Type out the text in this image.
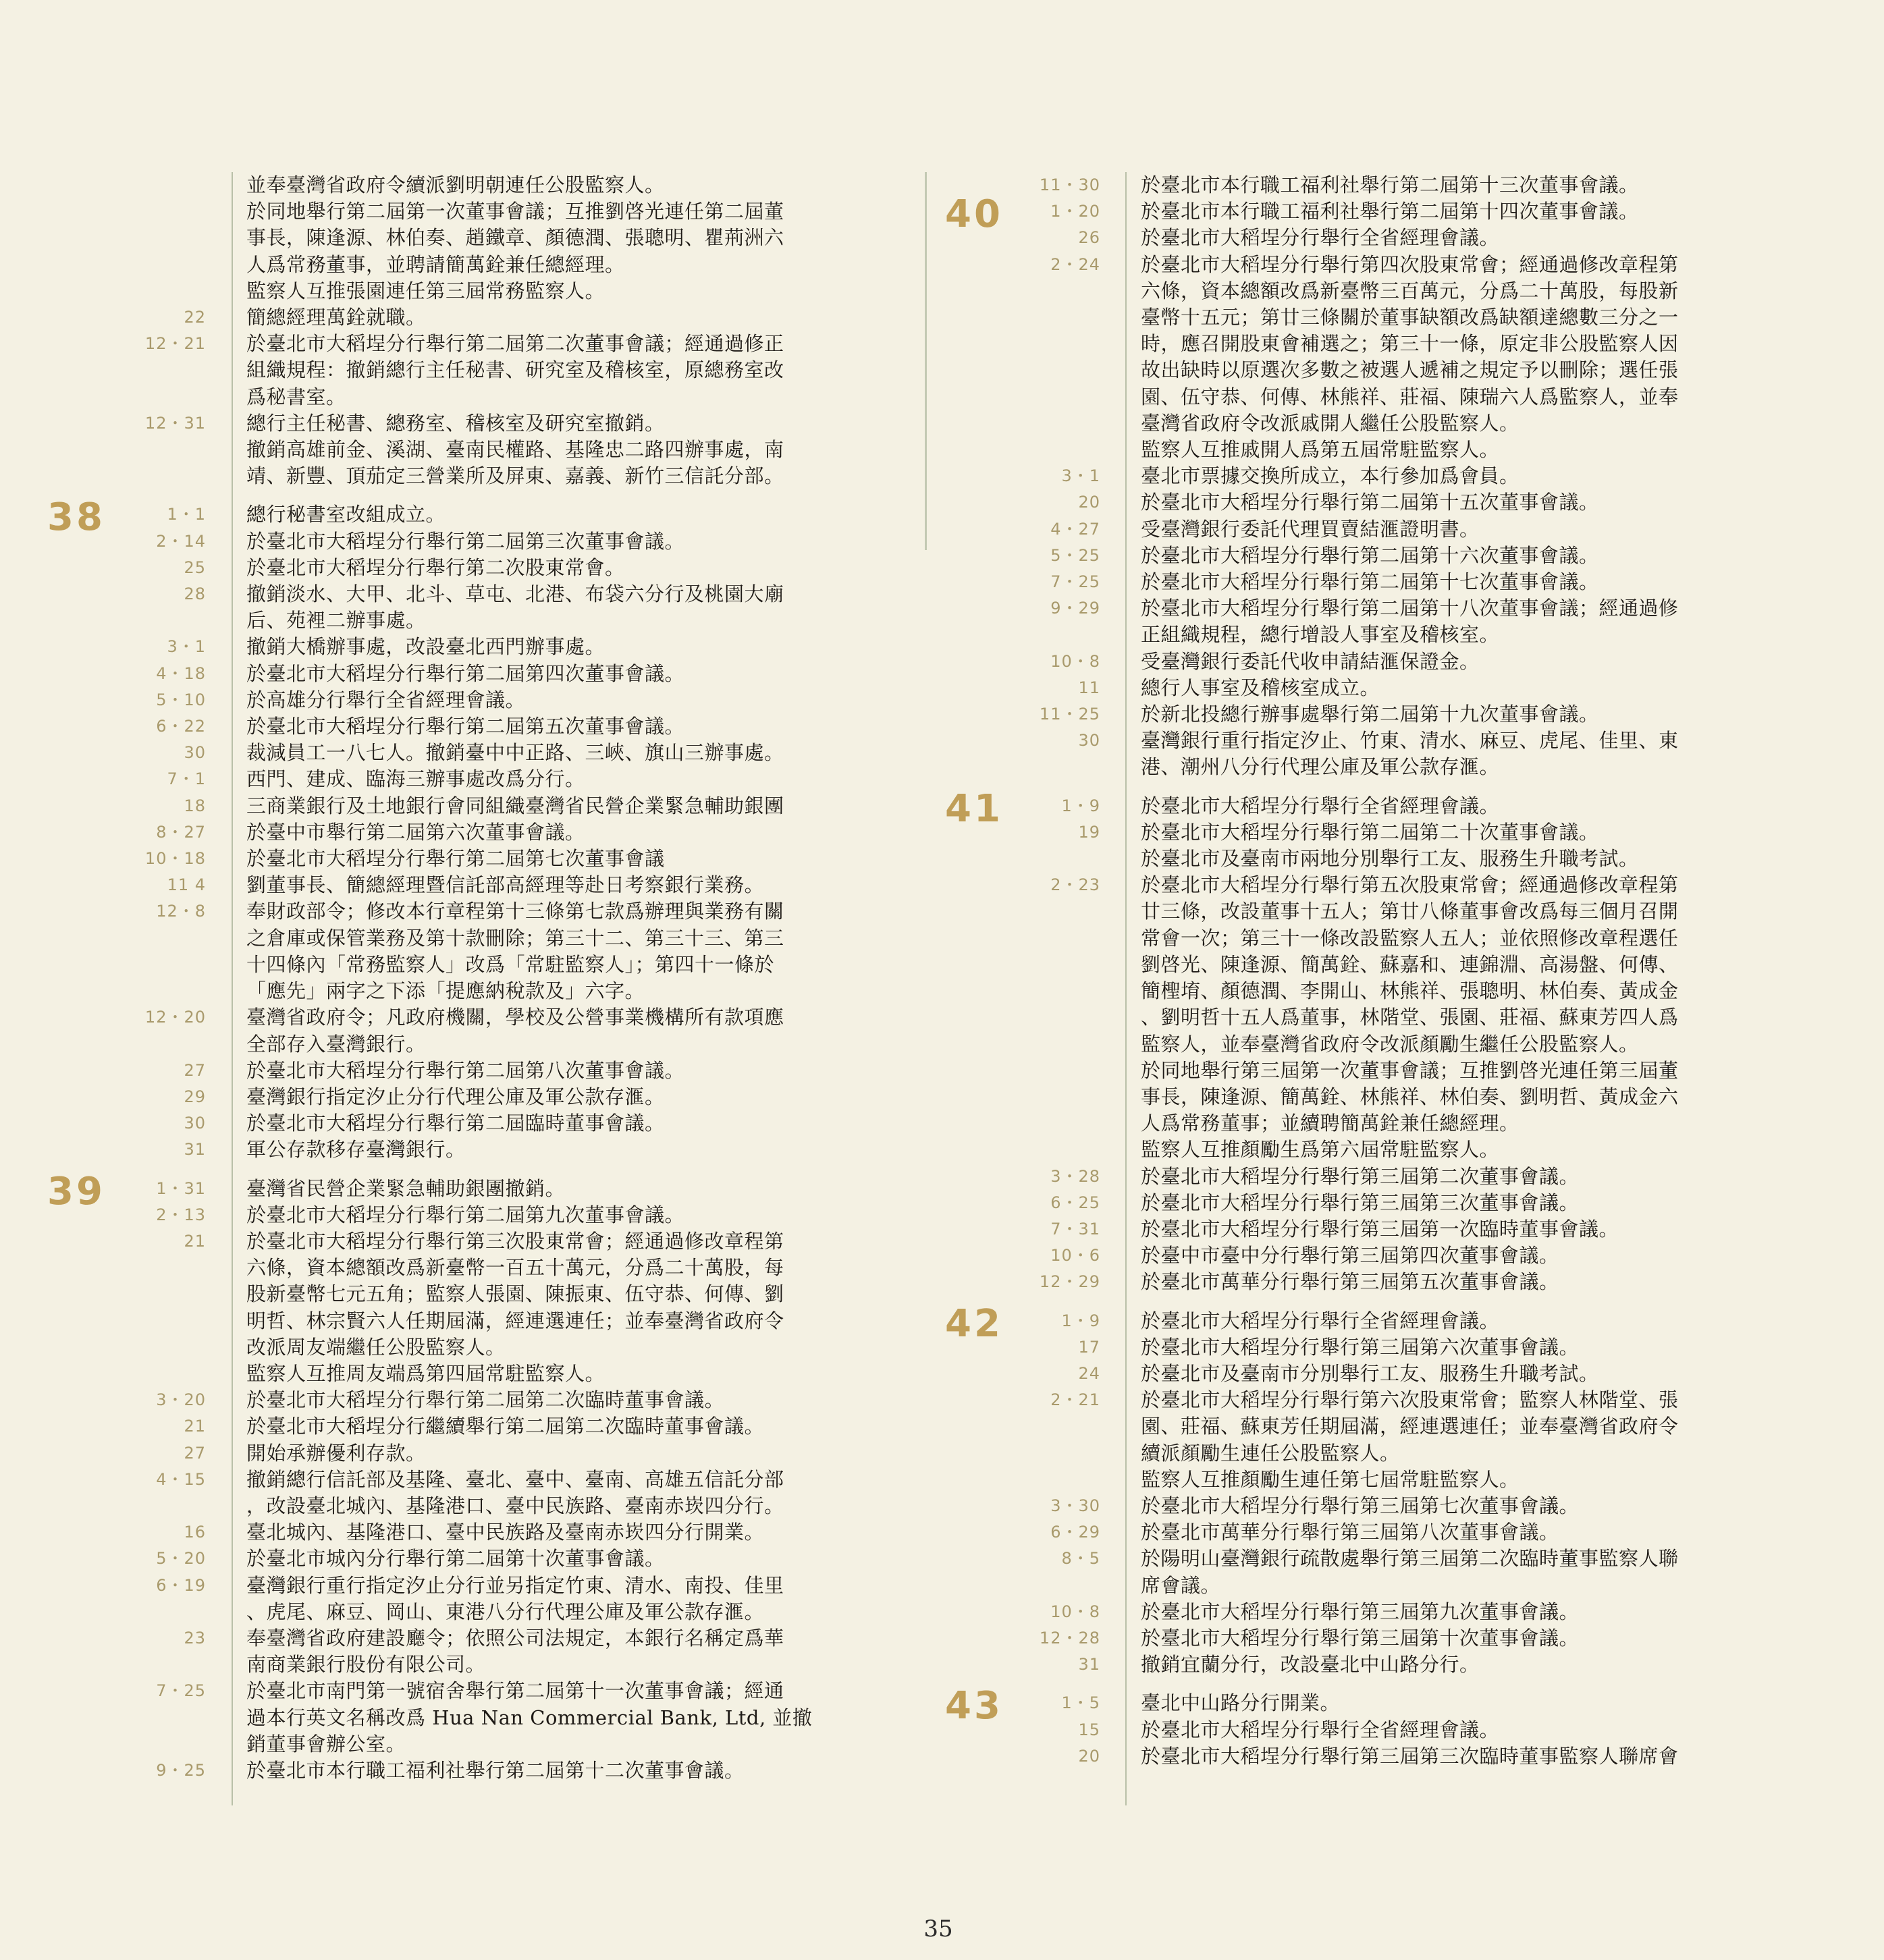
並奉臺灣省政府令續派劉明朝連任公股監察人。
於同地舉行第二屆第一次董事會議；互推劉啓光連任第二屆董
事長，陳逢源、林伯奏、趙鐵章、顏德潤、張聰明、瞿荊洲六
人爲常務董事，並聘請簡萬銓兼任總經理。
監察人互推張園連任第三屆常務監察人。
22 簡總經理萬銓就職。
12・21 於臺北市大稻埕分行舉行第二屆第二次董事會議；經通過修正
組織規程：撤銷總行主任秘書、研究室及稽核室，原總務室改
爲秘書室。
12・31 總行主任秘書、總務室、稽核室及研究室撤銷。
撤銷高雄前金、溪湖、臺南民權路、基隆忠二路四辦事處，南
靖、新豐、頂茄定三營業所及屏東、嘉義、新竹三信託分部。
38	1・1 總行秘書室改組成立。
2・14 於臺北市大稻埕分行舉行第二屆第三次董事會議。
25 於臺北市大稻埕分行舉行第二次股東常會。
28 撤銷淡水、大甲、北斗、草屯、北港、布袋六分行及桃園大廟
后、苑裡二辦事處。
3・1 撤銷大橋辦事處，改設臺北西門辦事處。
4・18 於臺北市大稻埕分行舉行第二屆第四次董事會議。
5・10 於高雄分行舉行全省經理會議。
6・22 於臺北市大稻埕分行舉行第二屆第五次董事會議。
30 裁減員工一八七人。撤銷臺中中正路、三峽、旗山三辦事處。
7・1 西門、建成、臨海三辦事處改爲分行。
18 三商業銀行及土地銀行會同組織臺灣省民營企業緊急輔助銀團
8・27 於臺中市舉行第二屆第六次董事會議。
10・18 於臺北市大稻埕分行舉行第二屆第七次董事會議
11 4 劉董事長、簡總經理暨信託部高經理等赴日考察銀行業務。
12・8 奉財政部令；修改本行章程第十三條第七款爲辦理與業務有關
之倉庫或保管業務及第十款刪除；第三十二、第三十三、第三
十四條內「常務監察人」改爲「常駐監察人」；第四十一條於
「應先」兩字之下添「提應納稅款及」六字。
12・20 臺灣省政府令；凡政府機關，學校及公營事業機構所有款項應
全部存入臺灣銀行。
27 於臺北市大稻埕分行舉行第二屆第八次董事會議。
29 臺灣銀行指定汐止分行代理公庫及軍公款存滙。
30 於臺北市大稻埕分行舉行第二屆臨時董事會議。
31 軍公存款移存臺灣銀行。
39	1・31 臺灣省民營企業緊急輔助銀團撤銷。
2・13 於臺北市大稻埕分行舉行第二屆第九次董事會議。
21 於臺北市大稻埕分行舉行第三次股東常會；經通過修改章程第
六條，資本總額改爲新臺幣一百五十萬元，分爲二十萬股，每
股新臺幣七元五角；監察人張園、陳振東、伍守恭、何傳、劉
明哲、林宗賢六人任期屆滿，經連選連任；並奉臺灣省政府令
改派周友端繼任公股監察人。
監察人互推周友端爲第四屆常駐監察人。
3・20 於臺北市大稻埕分行舉行第二屆第二次臨時董事會議。
21 於臺北市大稻埕分行繼續舉行第二屆第二次臨時董事會議。
27 開始承辦優利存款。
4・15 撤銷總行信託部及基隆、臺北、臺中、臺南、高雄五信託分部
，改設臺北城內、基隆港口、臺中民族路、臺南赤崁四分行。
16 臺北城內、基隆港口、臺中民族路及臺南赤崁四分行開業。
5・20 於臺北市城內分行舉行第二屆第十次董事會議。
6・19 臺灣銀行重行指定汐止分行並另指定竹東、清水、南投、佳里
、虎尾、麻豆、岡山、東港八分行代理公庫及軍公款存滙。
23 奉臺灣省政府建設廳令；依照公司法規定，本銀行名稱定爲華
南商業銀行股份有限公司。
7・25 於臺北市南門第一號宿舍舉行第二屆第十一次董事會議；經通
過本行英文名稱改爲 Hua Nan Commercial Bank, Ltd, 並撤
銷董事會辦公室。
9・25 於臺北市本行職工福利社舉行第二屆第十二次董事會議。
11・30 於臺北市本行職工福利社舉行第二屆第十三次董事會議。
40	1・20 於臺北市本行職工福利社舉行第二屆第十四次董事會議。
26 於臺北市大稻埕分行舉行全省經理會議。
2・24 於臺北市大稻埕分行舉行第四次股東常會；經通過修改章程第
六條，資本總額改爲新臺幣三百萬元，分爲二十萬股，每股新
臺幣十五元；第廿三條關於董事缺額改爲缺額達總數三分之一
時，應召開股東會補選之；第三十一條，原定非公股監察人因
故出缺時以原選次多數之被選人遞補之規定予以刪除；選任張
園、伍守恭、何傳、林熊祥、莊福、陳瑞六人爲監察人，並奉
臺灣省政府令改派戚開人繼任公股監察人。
監察人互推戚開人爲第五屆常駐監察人。
3・1 臺北市票據交換所成立，本行參加爲會員。
20 於臺北市大稻埕分行舉行第二屆第十五次董事會議。
4・27 受臺灣銀行委託代理買賣結滙證明書。
5・25 於臺北市大稻埕分行舉行第二屆第十六次董事會議。
7・25 於臺北市大稻埕分行舉行第二屆第十七次董事會議。
9・29 於臺北市大稻埕分行舉行第二屆第十八次董事會議；經通過修
正組織規程，總行增設人事室及稽核室。
10・8 受臺灣銀行委託代收申請結滙保證金。
11 總行人事室及稽核室成立。
11・25 於新北投總行辦事處舉行第二屆第十九次董事會議。
30 臺灣銀行重行指定汐止、竹東、清水、麻豆、虎尾、佳里、東
港、潮州八分行代理公庫及軍公款存滙。
41	1・9 於臺北市大稻埕分行舉行全省經理會議。
19 於臺北市大稻埕分行舉行第二屆第二十次董事會議。
於臺北市及臺南市兩地分別舉行工友、服務生升職考試。
2・23 於臺北市大稻埕分行舉行第五次股東常會；經通過修改章程第
廿三條，改設董事十五人；第廿八條董事會改爲每三個月召開
常會一次；第三十一條改設監察人五人；並依照修改章程選任
劉啓光、陳逢源、簡萬銓、蘇嘉和、連錦淵、高湯盤、何傳、
簡檉堉、顏德潤、李開山、林熊祥、張聰明、林伯奏、黃成金
、劉明哲十五人爲董事，林階堂、張園、莊福、蘇東芳四人爲
監察人，並奉臺灣省政府令改派顏勵生繼任公股監察人。
於同地舉行第三屆第一次董事會議；互推劉啓光連任第三屆董
事長，陳逢源、簡萬銓、林熊祥、林伯奏、劉明哲、黃成金六
人爲常務董事；並續聘簡萬銓兼任總經理。
監察人互推顏勵生爲第六屆常駐監察人。
3・28 於臺北市大稻埕分行舉行第三屆第二次董事會議。
6・25 於臺北市大稻埕分行舉行第三屆第三次董事會議。
7・31 於臺北市大稻埕分行舉行第三屆第一次臨時董事會議。
10・6 於臺中市臺中分行舉行第三屆第四次董事會議。
12・29 於臺北市萬華分行舉行第三屆第五次董事會議。
42	1・9 於臺北市大稻埕分行舉行全省經理會議。
17 於臺北市大稻埕分行舉行第三屆第六次董事會議。
24 於臺北市及臺南市分別舉行工友、服務生升職考試。
2・21 於臺北市大稻埕分行舉行第六次股東常會；監察人林階堂、張
園、莊福、蘇東芳任期屆滿，經連選連任；並奉臺灣省政府令
續派顏勵生連任公股監察人。
監察人互推顏勵生連任第七屆常駐監察人。
3・30 於臺北市大稻埕分行舉行第三屆第七次董事會議。
6・29 於臺北市萬華分行舉行第三屆第八次董事會議。
8・5 於陽明山臺灣銀行疏散處舉行第三屆第二次臨時董事監察人聯
席會議。
10・8 於臺北市大稻埕分行舉行第三屆第九次董事會議。
12・28 於臺北市大稻埕分行舉行第三屆第十次董事會議。
31 撤銷宜蘭分行，改設臺北中山路分行。
43	1・5 臺北中山路分行開業。
15 於臺北市大稻埕分行舉行全省經理會議。
20 於臺北市大稻埕分行舉行第三屆第三次臨時董事監察人聯席會
35
